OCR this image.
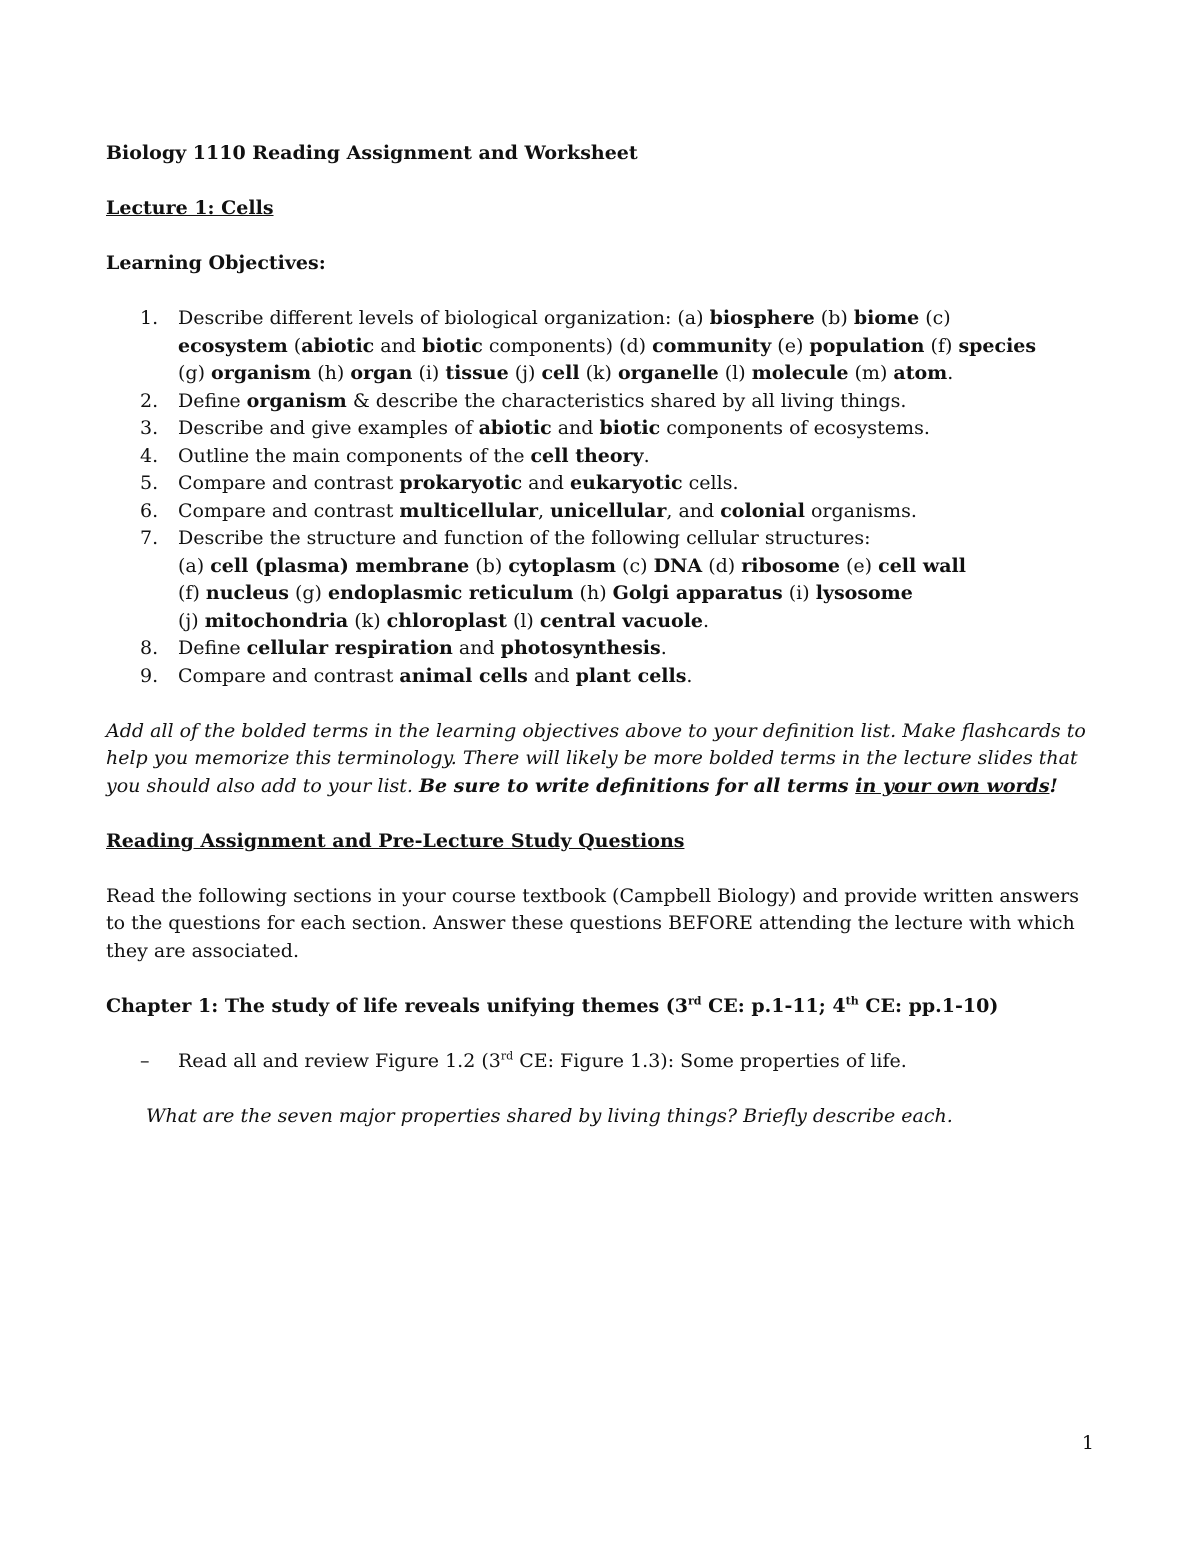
Biology 1110 Reading Assignment and Worksheet

Lecture 1: Cells

Learning Objectives:

1. Describe different levels of biological organization: (a) biosphere (b) biome (c)
ecosystem (abiotic and biotic components) (d) community (e) population (f) species
(g) organism (h) organ (i) tissue (j) cell (k) organelle (l) molecule (m) atom.
2. Define organism & describe the characteristics shared by all living things.
3. Describe and give examples of abiotic and biotic components of ecosystems.
4. Outline the main components of the cell theory.
5. Compare and contrast prokaryotic and eukaryotic cells.
6. Compare and contrast multicellular, unicellular, and colonial organisms.
7. Describe the structure and function of the following cellular structures:
(a) cell (plasma) membrane (b) cytoplasm (c) DNA (d) ribosome (e) cell wall
(f) nucleus (g) endoplasmic reticulum (h) Golgi apparatus (i) lysosome
(j) mitochondria (k) chloroplast (l) central vacuole.
8. Define cellular respiration and photosynthesis.
9. Compare and contrast animal cells and plant cells.

Add all of the bolded terms in the learning objectives above to your definition list. Make flashcards to help you memorize this terminology. There will likely be more bolded terms in the lecture slides that you should also add to your list. Be sure to write definitions for all terms in your own words!

Reading Assignment and Pre-Lecture Study Questions

Read the following sections in your course textbook (Campbell Biology) and provide written answers to the questions for each section. Answer these questions BEFORE attending the lecture with which they are associated.

Chapter 1: The study of life reveals unifying themes (3rd CE: p.1-11; 4th CE: pp.1-10)

– Read all and review Figure 1.2 (3rd CE: Figure 1.3): Some properties of life.

What are the seven major properties shared by living things? Briefly describe each.

1
